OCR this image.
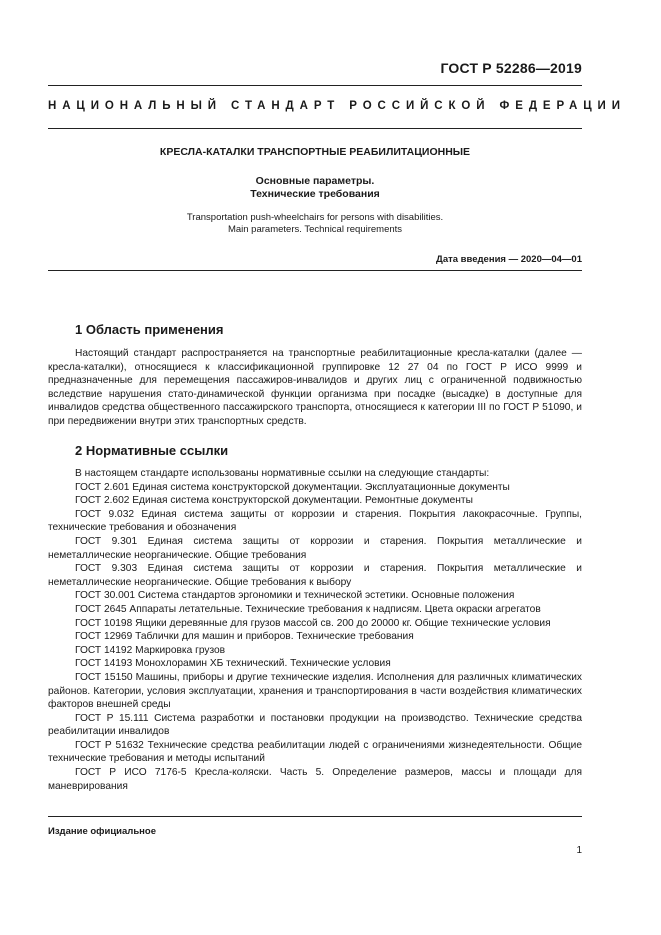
ГОСТ Р 52286—2019
НАЦИОНАЛЬНЫЙ СТАНДАРТ РОССИЙСКОЙ ФЕДЕРАЦИИ
КРЕСЛА-КАТАЛКИ ТРАНСПОРТНЫЕ РЕАБИЛИТАЦИОННЫЕ
Основные параметры.
Технические требования
Transportation push-wheelchairs for persons with disabilities.
Main parameters. Technical requirements
Дата введения — 2020—04—01
1 Область применения

Настоящий стандарт распространяется на транспортные реабилитационные кресла-каталки (далее — кресла-каталки), относящиеся к классификационной группировке 12 27 04 по ГОСТ Р ИСО 9999 и предназначенные для перемещения пассажиров-инвалидов и других лиц с ограниченной подвижностью вследствие нарушения стато-динамической функции организма при посадке (высадке) в доступные для инвалидов средства общественного пассажирского транспорта, относящиеся к категории III по ГОСТ Р 51090, и при передвижении внутри этих транспортных средств.

2 Нормативные ссылки

В настоящем стандарте использованы нормативные ссылки на следующие стандарты:

ГОСТ 2.601 Единая система конструкторской документации. Эксплуатационные документы

ГОСТ 2.602 Единая система конструкторской документации. Ремонтные документы

ГОСТ 9.032 Единая система защиты от коррозии и старения. Покрытия лакокрасочные. Группы, технические требования и обозначения

ГОСТ 9.301 Единая система защиты от коррозии и старения. Покрытия металлические и неметаллические неорганические. Общие требования

ГОСТ 9.303 Единая система защиты от коррозии и старения. Покрытия металлические и неметаллические неорганические. Общие требования к выбору

ГОСТ 30.001 Система стандартов эргономики и технической эстетики. Основные положения

ГОСТ 2645 Аппараты летательные. Технические требования к надписям. Цвета окраски агрегатов

ГОСТ 10198 Ящики деревянные для грузов массой св. 200 до 20000 кг. Общие технические условия

ГОСТ 12969 Таблички для машин и приборов. Технические требования

ГОСТ 14192 Маркировка грузов

ГОСТ 14193 Монохлорамин ХБ технический. Технические условия

ГОСТ 15150 Машины, приборы и другие технические изделия. Исполнения для различных климатических районов. Категории, условия эксплуатации, хранения и транспортирования в части воздействия климатических факторов внешней среды

ГОСТ Р 15.111 Система разработки и постановки продукции на производство. Технические средства реабилитации инвалидов

ГОСТ Р 51632 Технические средства реабилитации людей с ограничениями жизнедеятельности. Общие технические требования и методы испытаний

ГОСТ Р ИСО 7176-5 Кресла-коляски. Часть 5. Определение размеров, массы и площади для маневрирования

Издание официальное
1
